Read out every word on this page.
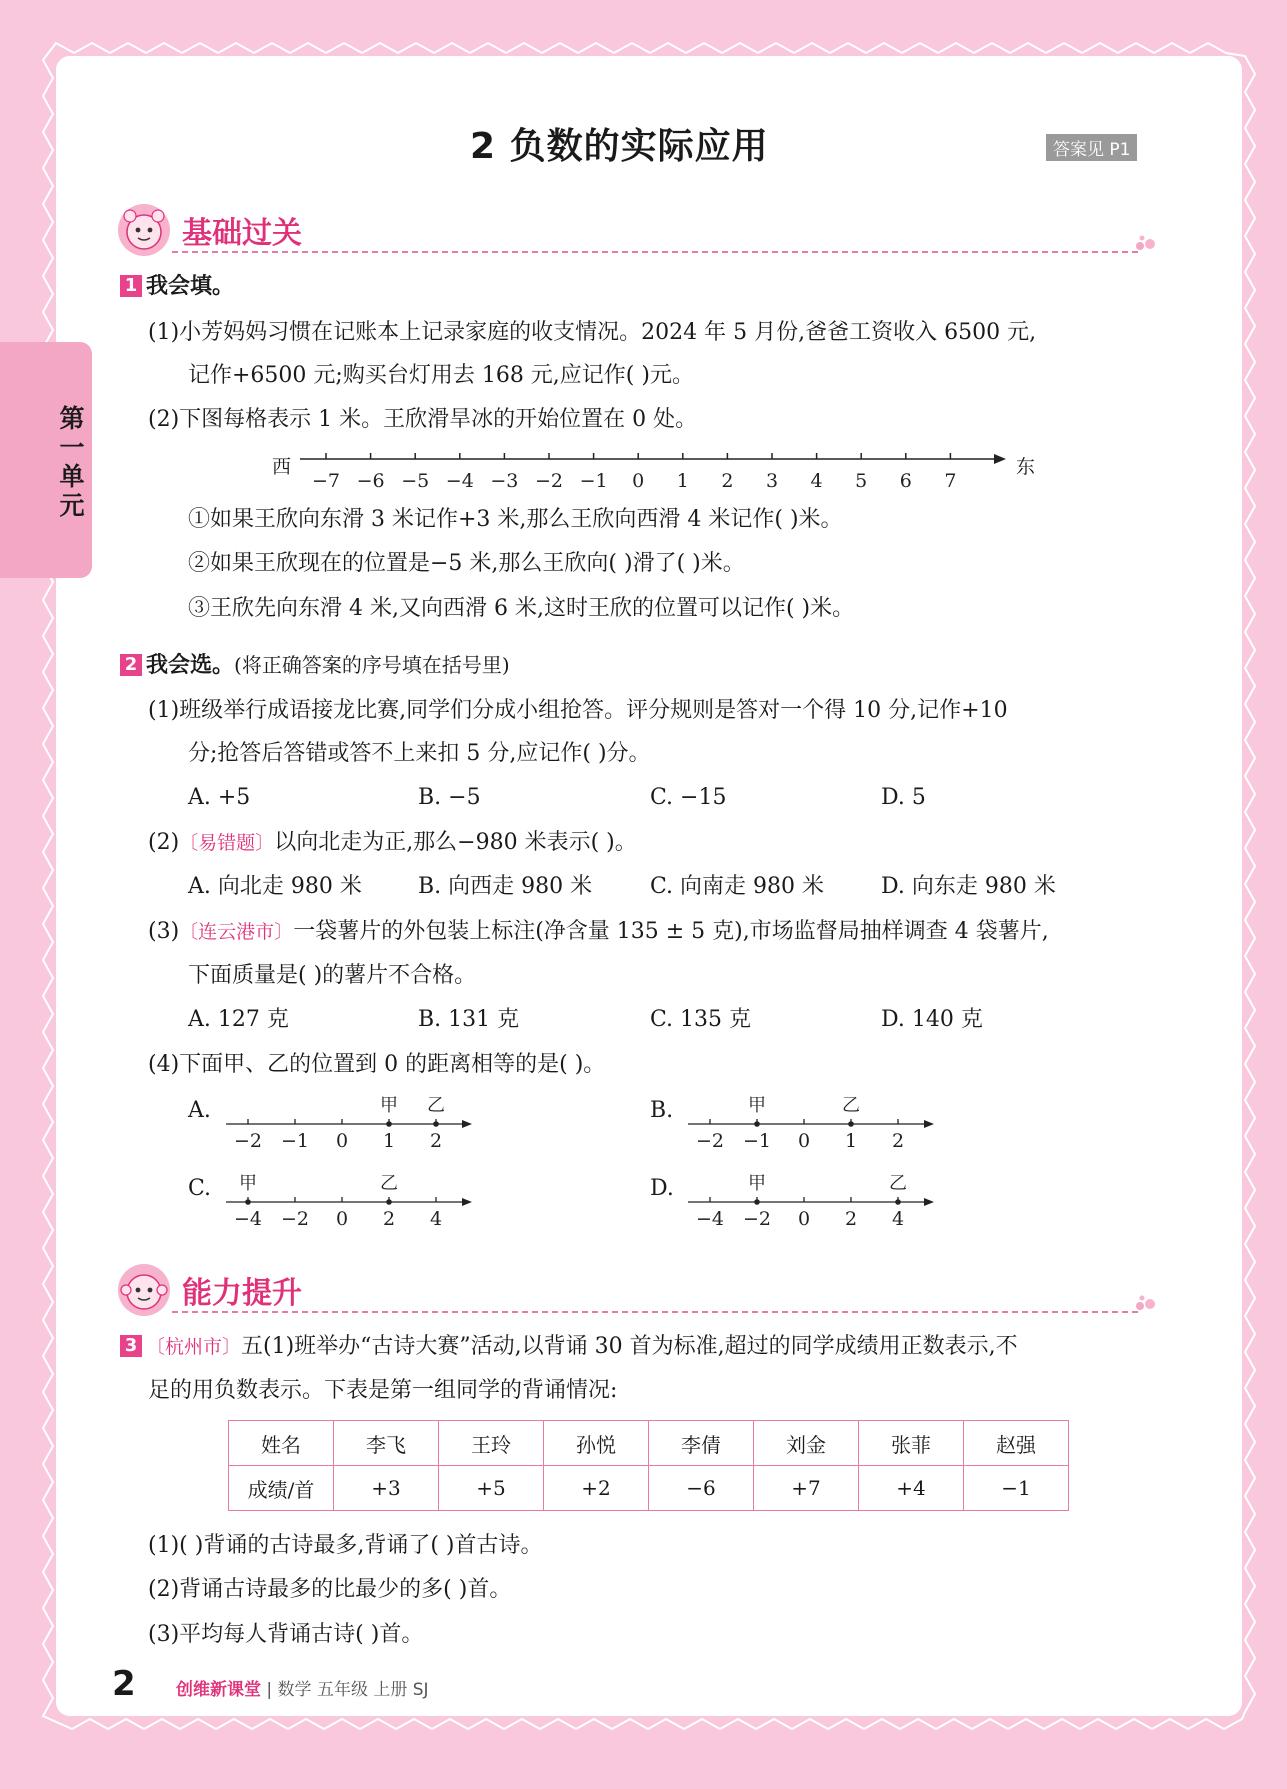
第一单元
2 负数的实际应用	答案见 P1
基础过关
1 我会填。
(1)小芳妈妈习惯在记账本上记录家庭的收支情况。2024 年 5 月份,爸爸工资收入 6500 元,
记作+6500 元;购买台灯用去 168 元,应记作( )元。
(2)下图每格表示 1 米。王欣滑旱冰的开始位置在 0 处。
西	东
−7 −6 −5 −4 −3 −2 −1 0 1 2 3 4 5 6 7
①如果王欣向东滑 3 米记作+3 米,那么王欣向西滑 4 米记作( )米。
②如果王欣现在的位置是−5 米,那么王欣向( )滑了( )米。
③王欣先向东滑 4 米,又向西滑 6 米,这时王欣的位置可以记作( )米。
2 我会选。(将正确答案的序号填在括号里)
(1)班级举行成语接龙比赛,同学们分成小组抢答。评分规则是答对一个得 10 分,记作+10
分;抢答后答错或答不上来扣 5 分,应记作( )分。
A. +5	B. −5	C. −15	D. 5
(2)〔易错题〕以向北走为正,那么−980 米表示( )。
A. 向北走 980 米	B. 向西走 980 米	C. 向南走 980 米	D. 向东走 980 米
(3)〔连云港市〕一袋薯片的外包装上标注(净含量 135 ± 5 克),市场监督局抽样调查 4 袋薯片,
下面质量是( )的薯片不合格。
A. 127 克	B. 131 克	C. 135 克	D. 140 克
(4)下面甲、乙的位置到 0 的距离相等的是( )。
A.	B.
C.	D.
−2 −1 0 1 2
甲 乙
−2 −1 0 1 2
甲	乙
−4 −2 0 2 4
甲	乙
−4 −2 0 2 4
甲	乙
能力提升
3 〔杭州市〕五(1)班举办“古诗大赛”活动,以背诵 30 首为标准,超过的同学成绩用正数表示,不
足的用负数表示。下表是第一组同学的背诵情况:
姓名	李飞	王玲	孙悦	李倩	刘金	张菲	赵强
成绩/首	+3	+5	+2	−6	+7	+4	−1
(1)( )背诵的古诗最多,背诵了( )首古诗。
(2)背诵古诗最多的比最少的多( )首。
(3)平均每人背诵古诗( )首。
2 创维新课堂 | 数学 五年级 上册 SJ
